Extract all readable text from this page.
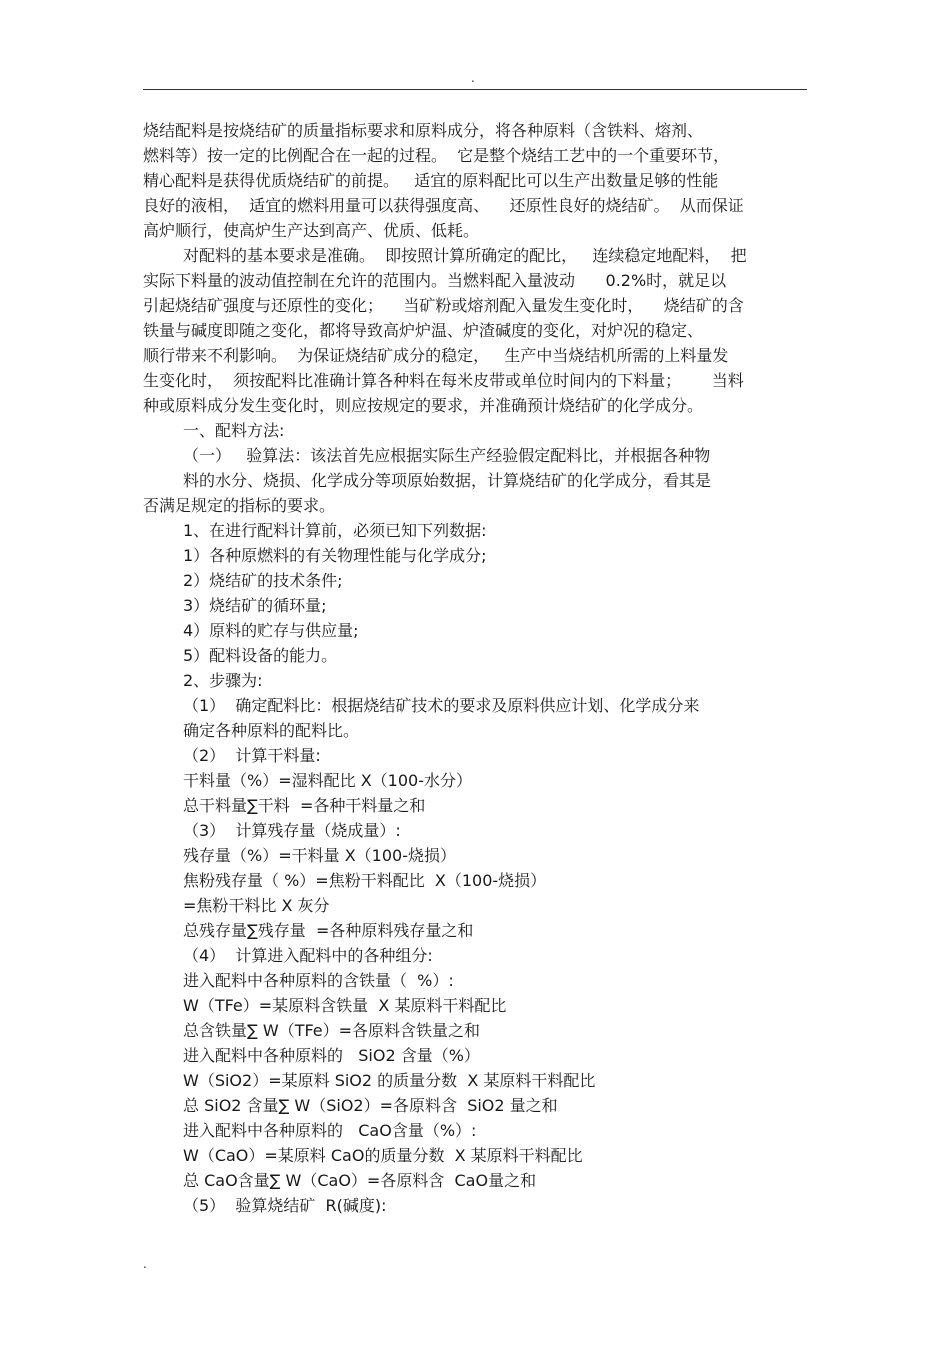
.
烧结配料是按烧结矿的质量指标要求和原料成分，将各种原料（含铁料、熔剂、
燃料等）按一定的比例配合在一起的过程。  它是整个烧结工艺中的一个重要环节，
精心配料是获得优质烧结矿的前提。   适宜的原料配比可以生产出数量足够的性能
良好的液相，  适宜的燃料用量可以获得强度高、    还原性良好的烧结矿。  从而保证
高炉顺行，使高炉生产达到高产、优质、低耗。
对配料的基本要求是准确。  即按照计算所确定的配比，   连续稳定地配料，  把
实际下料量的波动值控制在允许的范围内。当燃料配入量波动      0.2%时，就足以
引起烧结矿强度与还原性的变化；    当矿粉或熔剂配入量发生变化时，    烧结矿的含
铁量与碱度即随之变化，都将导致高炉炉温、炉渣碱度的变化，对炉况的稳定、
顺行带来不利影响。  为保证烧结矿成分的稳定，   生产中当烧结机所需的上料量发
生变化时，  须按配料比准确计算各种料在每米皮带或单位时间内的下料量；      当料
种或原料成分发生变化时，则应按规定的要求，并准确预计烧结矿的化学成分。
一、配料方法:
（一）   验算法：该法首先应根据实际生产经验假定配料比，并根据各种物
料的水分、烧损、化学成分等项原始数据，计算烧结矿的化学成分，看其是
否满足规定的指标的要求。
1、在进行配料计算前，必须已知下列数据:
1）各种原燃料的有关物理性能与化学成分;
2）烧结矿的技术条件;
3）烧结矿的循环量;
4）原料的贮存与供应量;
5）配料设备的能力。
2、步骤为:
（1）  确定配料比：根据烧结矿技术的要求及原料供应计划、化学成分来
确定各种原料的配料比。
（2）  计算干料量:
干料量（%）=湿料配比 X（100-水分）
总干料量∑干料  =各种干料量之和
（3）  计算残存量（烧成量）:
残存量（%）=干料量 X（100-烧损）
焦粉残存量（ %）=焦粉干料配比  X（100-烧损）
=焦粉干料比 X 灰分
总残存量∑残存量  =各种原料残存量之和
（4）  计算进入配料中的各种组分:
进入配料中各种原料的含铁量（  %）:
W（TFe）=某原料含铁量  X 某原料干料配比
总含铁量∑ W（TFe）=各原料含铁量之和
进入配料中各种原料的   SiO2 含量（%）
W（SiO2）=某原料 SiO2 的质量分数  X 某原料干料配比
总 SiO2 含量∑ W（SiO2）=各原料含  SiO2 量之和
进入配料中各种原料的   CaO含量（%）:
W（CaO）=某原料 CaO的质量分数  X 某原料干料配比
总 CaO含量∑ W（CaO）=各原料含  CaO量之和
（5）  验算烧结矿  R(碱度):
.
